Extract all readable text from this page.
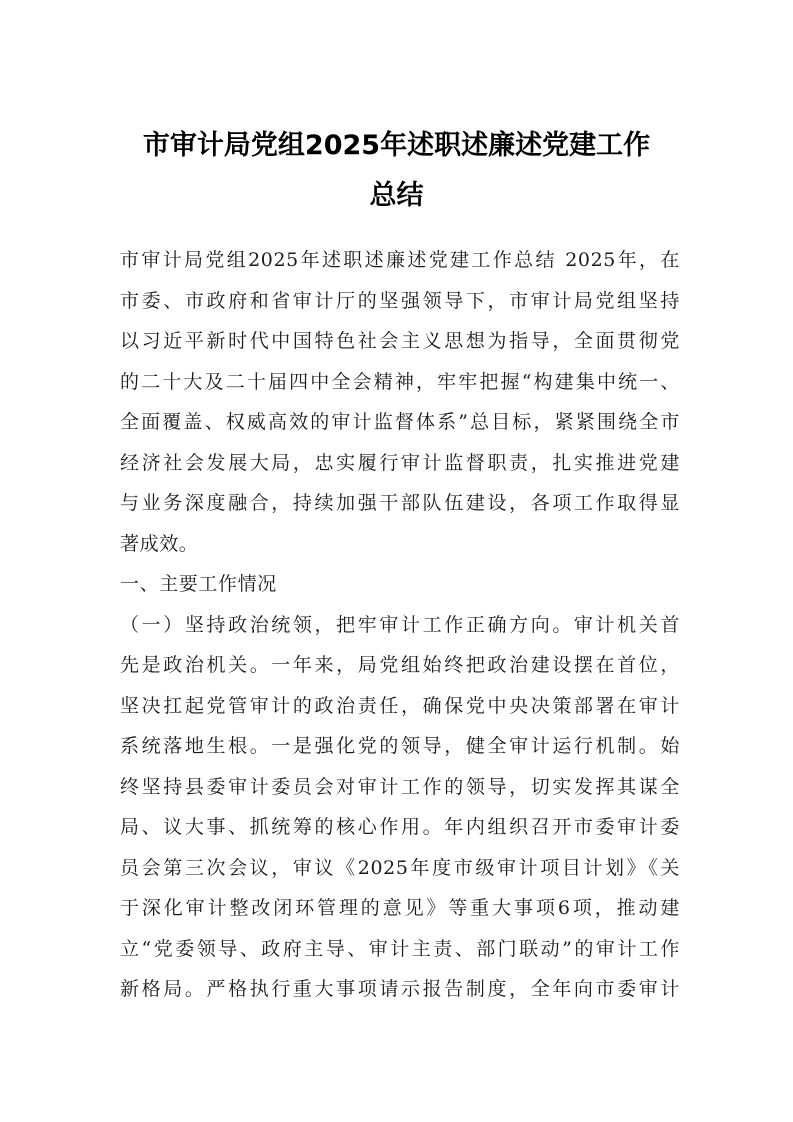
市审计局党组2025年述职述廉述党建工作
总结
市审计局党组2025年述职述廉述党建工作总结 2025年，在
市委、市政府和省审计厅的坚强领导下，市审计局党组坚持
以习近平新时代中国特色社会主义思想为指导，全面贯彻党
的二十大及二十届四中全会精神，牢牢把握“构建集中统一、
全面覆盖、权威高效的审计监督体系”总目标，紧紧围绕全市
经济社会发展大局，忠实履行审计监督职责，扎实推进党建
与业务深度融合，持续加强干部队伍建设，各项工作取得显
著成效。
一、主要工作情况
（一）坚持政治统领，把牢审计工作正确方向。审计机关首
先是政治机关。一年来，局党组始终把政治建设摆在首位，
坚决扛起党管审计的政治责任，确保党中央决策部署在审计
系统落地生根。一是强化党的领导，健全审计运行机制。始
终坚持县委审计委员会对审计工作的领导，切实发挥其谋全
局、议大事、抓统筹的核心作用。年内组织召开市委审计委
员会第三次会议，审议《2025年度市级审计项目计划》《关
于深化审计整改闭环管理的意见》等重大事项6项，推动建
立“党委领导、政府主导、审计主责、部门联动”的审计工作
新格局。严格执行重大事项请示报告制度，全年向市委审计
